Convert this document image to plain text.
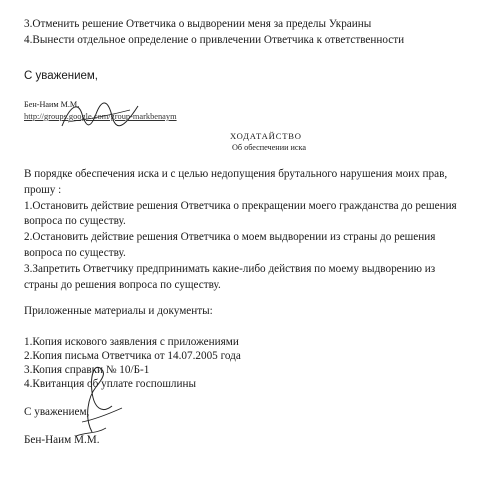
3.Отменить решение Ответчика о выдворении меня за пределы Украины
4.Вынести отдельное определение о привлечении Ответчика к ответственности
С уважением,
Бен-Наим М.М.
http://groups.google.com/group-markbenaym
ХОДАТАЙСТВО
Об обеспечении иска
В порядке обеспечения иска и с целью недопущения брутального нарушения моих прав,
прошу :
1.Остановить действие решения Ответчика о прекращении моего гражданства до решения
вопроса по существу.
2.Остановить действие решения Ответчика о моем выдворении из страны до решения
вопроса по существу.
3.Запретить Ответчику предпринимать какие-либо действия по моему выдворению из
страны до решения вопроса по существу.
Приложенные материалы и документы:
1.Копия искового заявления с приложениями
2.Копия письма Ответчика от 14.07.2005 года
3.Копия справки № 10/Б-1
4.Квитанция об уплате госпошлины
С уважением,
Бен-Наим М.М.
